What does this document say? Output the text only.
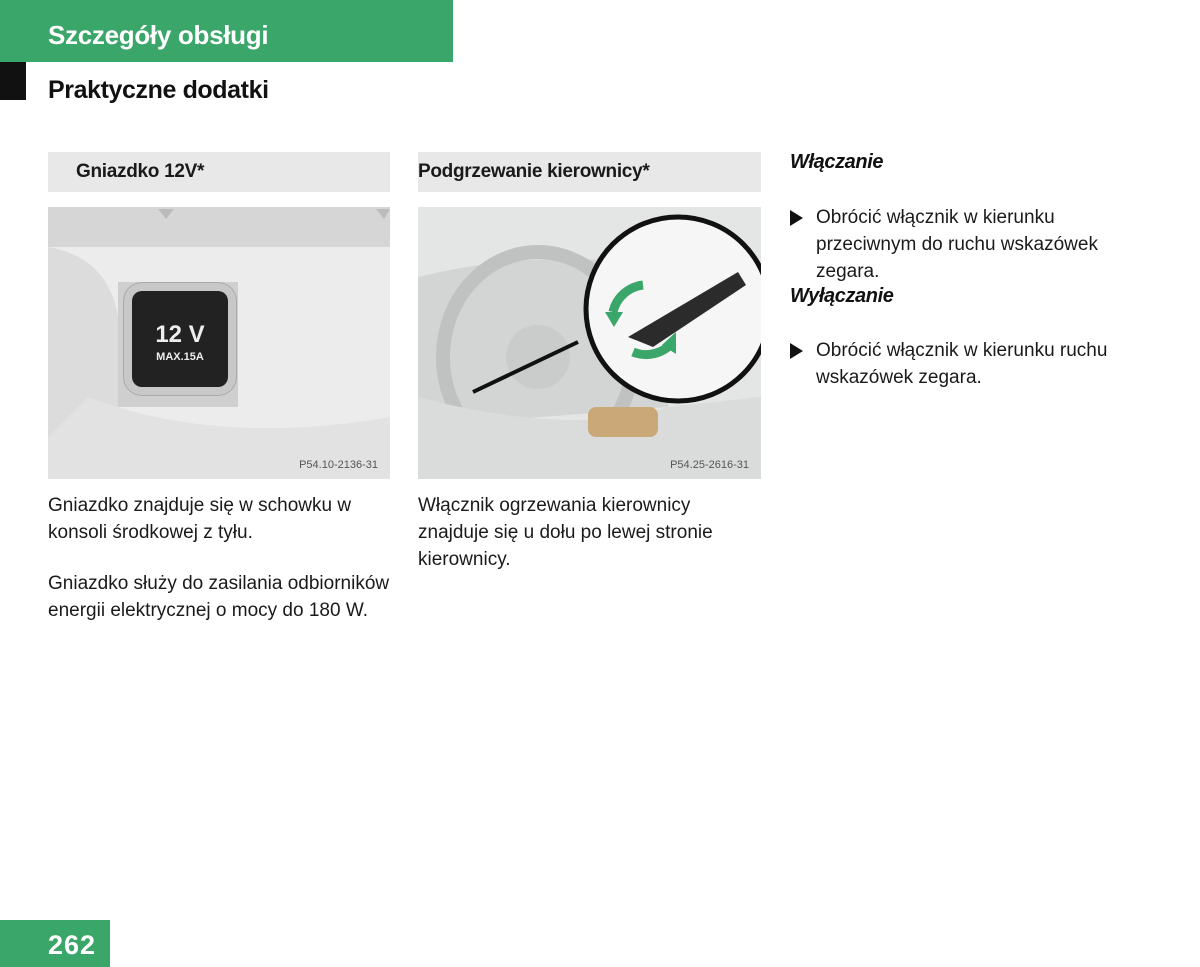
Szczegóły obsługi
Praktyczne dodatki
Gniazdko 12V*
12 V
MAX.15A
P54.10-2136-31

Gniazdko znajduje się w schowku w konsoli środkowej z tyłu.

Gniazdko służy do zasilania odbiorników energii elektrycznej o mocy do 180 W.

Podgrzewanie kierownicy*
P54.25-2616-31

Włącznik ogrzewania kierownicy znajduje się u dołu po lewej stronie kierownicy.

Włączanie

Obrócić włącznik w kierunku przeciwnym do ruchu wskazówek zegara.

Wyłączanie

Obrócić włącznik w kierunku ruchu wskazówek zegara.

262
